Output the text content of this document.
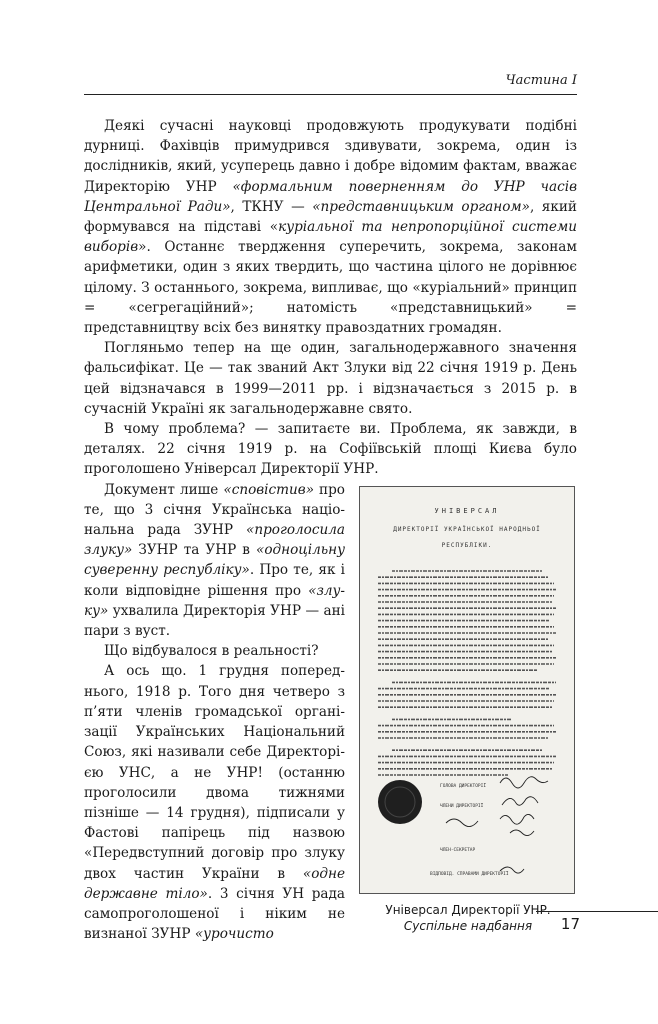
Частина I

Деякі сучасні науковці продовжують продукувати подібні дурниці. Фахівців примудрився здивувати, зокрема, один із дослідників, який, усуперець давно і добре відомим фактам, вважає Директорію УНР «формальним поверненням до УНР часів Центральної Ради», ТКНУ — «представницьким органом», який формувався на підставі «куріальної та непропорційної системи виборів». Останнє твердження суперечить, зокрема, законам арифметики, один з яких твердить, що частина цілого не дорівнює цілому. З останнього, зокрема, випливає, що «куріальний» принцип = «сегрегаційний»; натомість «представницький» = представництву всіх без винятку правоздатних громадян.

Погляньмо тепер на ще один, загальнодержавного значення фальсифікат. Це — так званий Акт Злуки від 22 січня 1919 р. День цей відзначався в 1999—2011 рр. і відзначається з 2015 р. в сучасній Україні як загальнодержавне свято.

В чому проблема? — запитаєте ви. Проблема, як завжди, в деталях. 22 січня 1919 р. на Софіївській площі Києва було проголошено Універсал Директорії УНР.

УНІВЕРСАЛ
ДИРЕКТОРІЇ УКРАЇНСЬКОЇ НАРОДНЬОЇ
РЕСПУБЛІКИ.
ГОЛОВА ДИРЕКТОРІЇ
ЧЛЕНИ ДИРЕКТОРІЇ
ЧЛЕН-СЕКРЕТАР
ВІДПОВІД. СПРАВАМИ ДИРЕКТОРІЇ
Універсал Директорії УНР.
Суспільне надбання

Документ лише «сповістив» про те, що 3 січня Українська національна рада ЗУНР «проголосила злуку» ЗУНР та УНР в «одноцільну суверенну республіку». Про те, як і коли відповідне рішення про «злуку» ухвалила Директорія УНР — ані пари з вуст.

Що відбувалося в реальності?

А ось що. 1 грудня попереднього, 1918 р. Того дня четверо з п’яти членів громадської організації Українських Національний Союз, які називали себе Директорією УНС, а не УНР! (останню проголосили двома тижнями пізніше — 14 грудня), підписали у Фастові папірець під назвою «Передвступний договір про злуку двох частин України в «одне державне тіло». 3 січня УН рада самопроголошеної і ніким не визнаної ЗУНР «урочисто

17
